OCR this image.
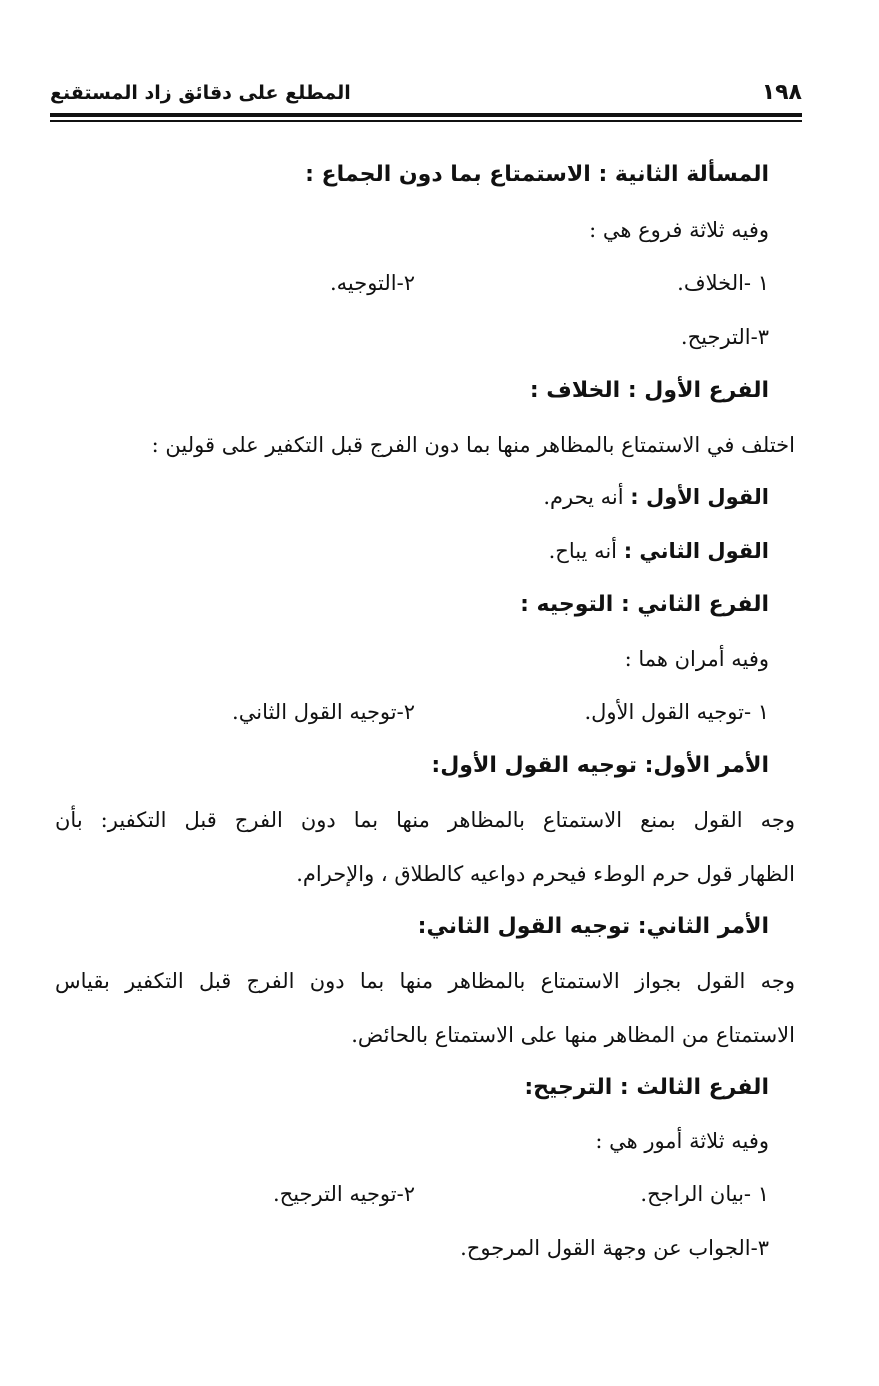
١٩٨
المطلع على دقائق زاد المستقنع
المسألة الثانية : الاستمتاع بما دون الجماع :
وفيه ثلاثة فروع هي :
١ -الخلاف.
٢-التوجيه.
٣-الترجيح.
الفرع الأول : الخلاف :
اختلف في الاستمتاع بالمظاهر منها بما دون الفرج قبل التكفير على قولين :
القول الأول : أنه يحرم.
القول الثاني : أنه يباح.
الفرع الثاني : التوجيه :
وفيه أمران هما :
١ -توجيه القول الأول.
٢-توجيه القول الثاني.
الأمر الأول: توجيه القول الأول:
وجه القول بمنع الاستمتاع بالمظاهر منها بما دون الفرج قبل التكفير: بأن
الظهار قول حرم الوطء فيحرم دواعيه كالطلاق ، والإحرام.
الأمر الثاني: توجيه القول الثاني:
وجه القول بجواز الاستمتاع بالمظاهر منها بما دون الفرج قبل التكفير بقياس
الاستمتاع من المظاهر منها على الاستمتاع بالحائض.
الفرع الثالث : الترجيح:
وفيه ثلاثة أمور هي :
١ -بيان الراجح.
٢-توجيه الترجيح.
٣-الجواب عن وجهة القول المرجوح.
